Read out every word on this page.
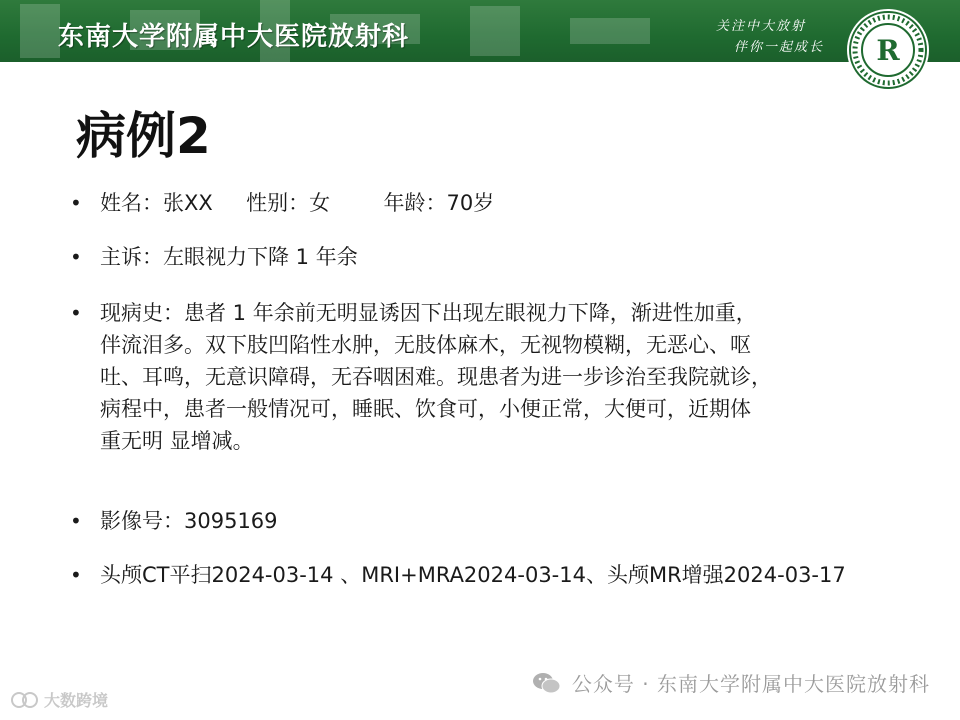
东南大学附属中大医院放射科	关注中大放射
伴你一起成长 R
病例2
• 姓名：张XX     性别：女        年龄：70岁
• 主诉：左眼视力下降 1 年余
• 现病史：患者 1 年余前无明显诱因下出现左眼视力下降，渐进性加重，
伴流泪多。双下肢凹陷性水肿，无肢体麻木，无视物模糊，无恶心、呕
吐、耳鸣，无意识障碍，无吞咽困难。现患者为进一步诊治至我院就诊，
病程中，患者一般情况可，睡眠、饮食可，小便正常，大便可，近期体
重无明 显增减。
• 影像号：3095169
• 头颅CT平扫2024-03-14 、MRI+MRA2024-03-14、头颅MR增强2024-03-17
公众号 · 东南大学附属中大医院放射科
大数跨境
